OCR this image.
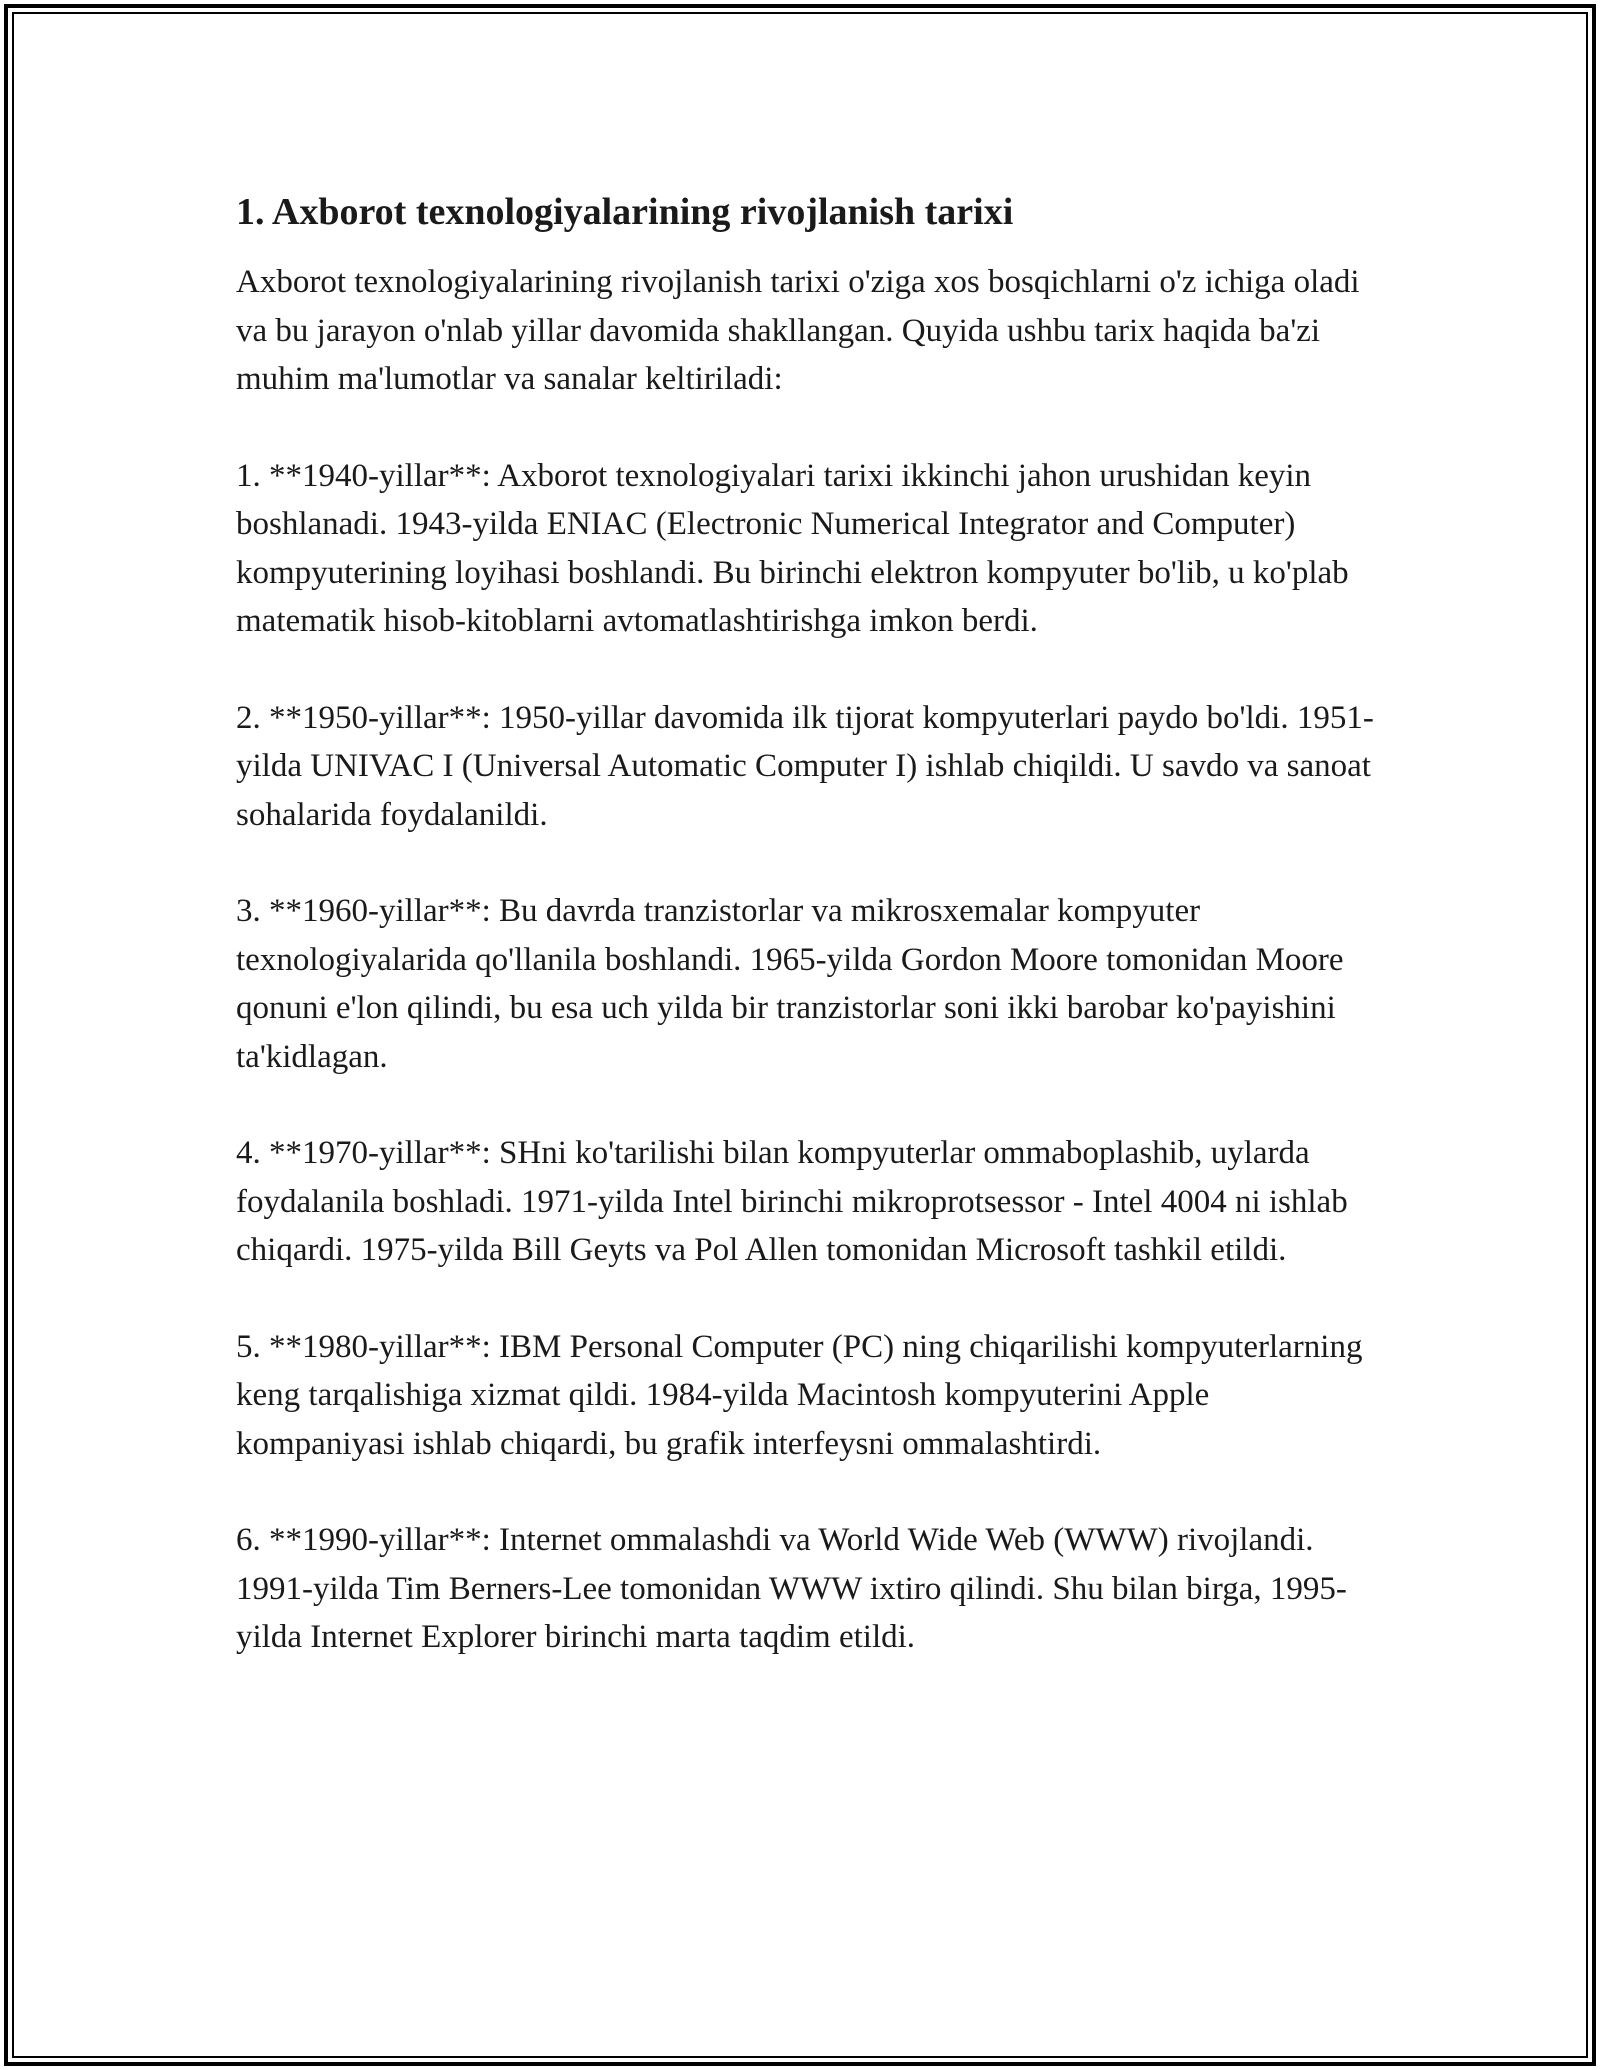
1. Axborot texnologiyalarining rivojlanish tarixi

Axborot texnologiyalarining rivojlanish tarixi o'ziga xos bosqichlarni o'z ichiga oladi va bu jarayon o'nlab yillar davomida shakllangan. Quyida ushbu tarix haqida ba'zi muhim ma'lumotlar va sanalar keltiriladi:

1. **1940-yillar**: Axborot texnologiyalari tarixi ikkinchi jahon urushidan keyin boshlanadi. 1943-yilda ENIAC (Electronic Numerical Integrator and Computer) kompyuterining loyihasi boshlandi. Bu birinchi elektron kompyuter bo'lib, u ko'plab matematik hisob-kitoblarni avtomatlashtirishga imkon berdi.

2. **1950-yillar**: 1950-yillar davomida ilk tijorat kompyuterlari paydo bo'ldi. 1951-yilda UNIVAC I (Universal Automatic Computer I) ishlab chiqildi. U savdo va sanoat sohalarida foydalanildi.

3. **1960-yillar**: Bu davrda tranzistorlar va mikrosxemalar kompyuter texnologiyalarida qo'llanila boshlandi. 1965-yilda Gordon Moore tomonidan Moore qonuni e'lon qilindi, bu esa uch yilda bir tranzistorlar soni ikki barobar ko'payishini ta'kidlagan.

4. **1970-yillar**: SHni ko'tarilishi bilan kompyuterlar ommaboplashib, uylarda foydalanila boshladi. 1971-yilda Intel birinchi mikroprotsessor - Intel 4004 ni ishlab chiqardi. 1975-yilda Bill Geyts va Pol Allen tomonidan Microsoft tashkil etildi.

5. **1980-yillar**: IBM Personal Computer (PC) ning chiqarilishi kompyuterlarning keng tarqalishiga xizmat qildi. 1984-yilda Macintosh kompyuterini Apple kompaniyasi ishlab chiqardi, bu grafik interfeysni ommalashtirdi.

6. **1990-yillar**: Internet ommalashdi va World Wide Web (WWW) rivojlandi. 1991-yilda Tim Berners-Lee tomonidan WWW ixtiro qilindi. Shu bilan birga, 1995-yilda Internet Explorer birinchi marta taqdim etildi.
